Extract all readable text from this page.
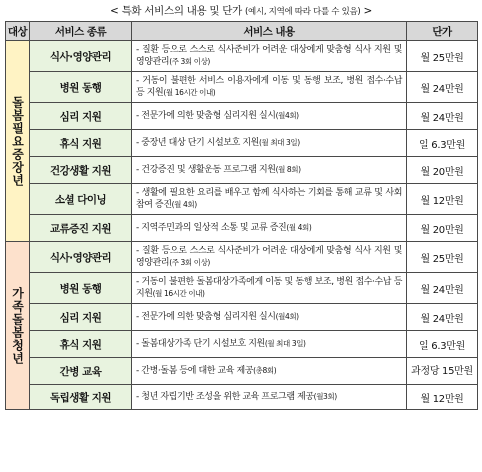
< 특화 서비스의 내용 및 단가 (예시, 지역에 따라 다를 수 있음) >
대상	서비스 종류	서비스 내용	단가
돌봄필요중장년	식사·영양관리	- 질환 등으로 스스로 식사준비가 어려운 대상에게 맞춤형 식사 지원 및 영양관리(주 3회 이상)	월 25만원
	병원 동행	- 거동이 불편한 서비스 이용자에게 이동 및 동행 보조, 병원 접수·수납 등 지원(월 16시간 이내)	월 24만원
	심리 지원	- 전문가에 의한 맞춤형 심리지원 실시(월4회)	월 24만원
	휴식 지원	- 중장년 대상 단기 시설보호 지원(월 최대 3일)	일 6.3만원
	건강생활 지원	- 건강증진 및 생활운동 프로그램 지원(월 8회)	월 20만원
	소셜 다이닝	- 생활에 필요한 요리를 배우고 함께 식사하는 기회를 통해 교류 및 사회참여 증진(월 4회)	월 12만원
	교류증진 지원	- 지역주민과의 일상적 소통 및 교류 증진(월 4회)	월 20만원
가족돌봄청년	식사·영양관리	- 질환 등으로 스스로 식사준비가 어려운 대상에게 맞춤형 식사 지원 및 영양관리(주 3회 이상)	월 25만원
	병원 동행	- 거동이 불편한 돌봄대상가족에게 이동 및 동행 보조, 병원 접수·수납 등 지원(월 16시간 이내)	월 24만원
	심리 지원	- 전문가에 의한 맞춤형 심리지원 실시(월4회)	월 24만원
	휴식 지원	- 돌봄대상가족 단기 시설보호 지원(월 최대 3일)	일 6.3만원
	간병 교육	- 간병·돌봄 등에 대한 교육 제공(총8회)	과정당 15만원
	독립생활 지원	- 청년 자립기반 조성을 위한 교육 프로그램 제공(월3회)	월 12만원
